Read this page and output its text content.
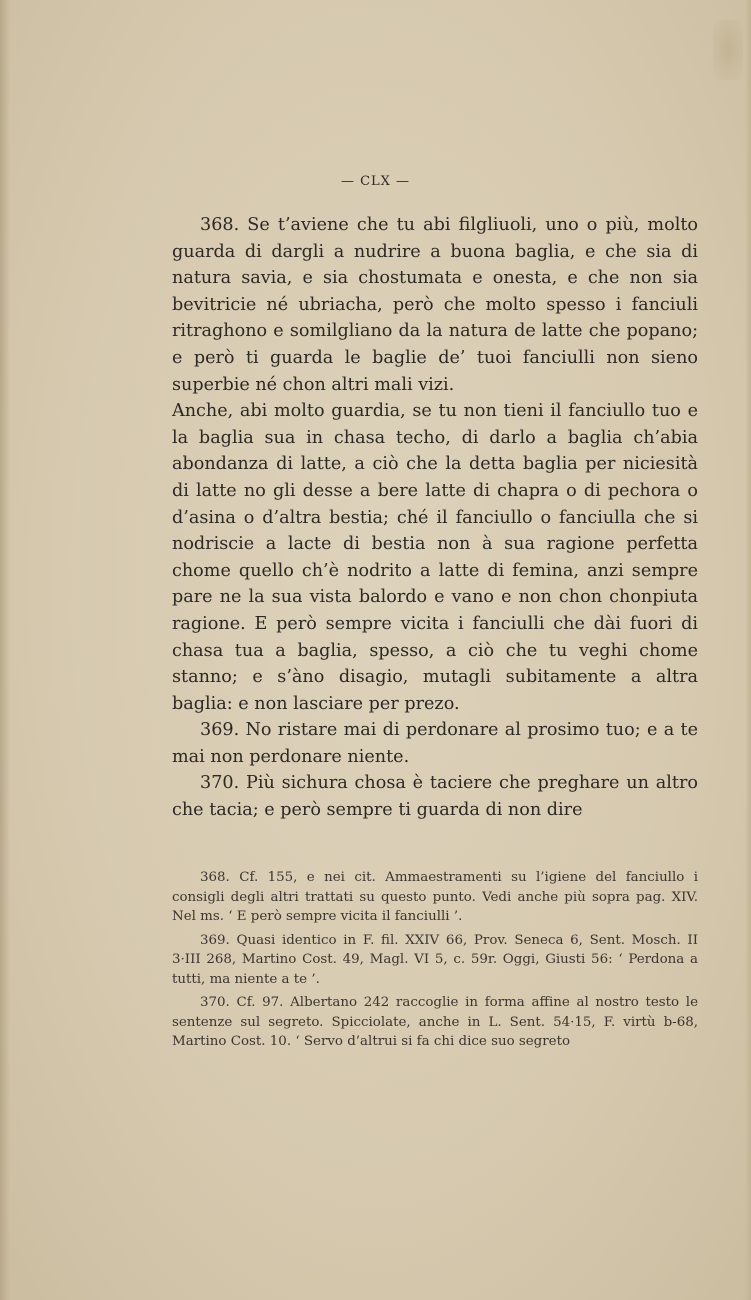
— CLX —

368. Se t’aviene che tu abi filgliuoli, uno o più, molto guarda di dargli a nudrire a buona baglia, e che sia di natura savia, e sia chostumata e onesta, e che non sia bevitricie né ubriacha, però che molto spesso i fanciuli ritraghono e somilgliano da la natura de latte che popano; e però ti guarda le baglie de’ tuoi fanciulli non sieno superbie né chon altri mali vizi.

Anche, abi molto guardia, se tu non tieni il fanciullo tuo e la baglia sua in chasa techo, di darlo a baglia ch’abia abondanza di latte, a ciò che la detta baglia per niciesità di latte no gli desse a bere latte di chapra o di pechora o d’asina o d’altra bestia; ché il fanciullo o fanciulla che si nodriscie a lacte di bestia non à sua ragione perfetta chome quello ch’è nodrito a latte di femina, anzi sempre pare ne la sua vista balordo e vano e non chon chonpiuta ragione. E però sempre vicita i fanciulli che dài fuori di chasa tua a baglia, spesso, a ciò che tu veghi chome stanno; e s’àno disagio, mutagli subitamente a altra baglia: e non lasciare per prezo.

369. No ristare mai di perdonare al prosimo tuo; e a te mai non perdonare niente.

370. Più sichura chosa è taciere che preghare un altro che tacia; e però sempre ti guarda di non dire

368. Cf. 155, e nei cit. Ammaestramenti su l’igiene del fanciullo i consigli degli altri trattati su questo punto. Vedi anche più sopra pag. XIV. Nel ms. ‘ E però sempre vicita il fanciulli ’.

369. Quasi identico in F. fil. XXIV 66, Prov. Seneca 6, Sent. Mosch. II 3·III 268, Martino Cost. 49, Magl. VI 5, c. 59r. Oggi, Giusti 56: ‘ Perdona a tutti, ma niente a te ’.

370. Cf. 97. Albertano 242 raccoglie in forma affine al nostro testo le sentenze sul segreto. Spicciolate, anche in L. Sent. 54·15, F. virtù b-68, Martino Cost. 10. ‘ Servo d’altrui si fa chi dice suo segreto
